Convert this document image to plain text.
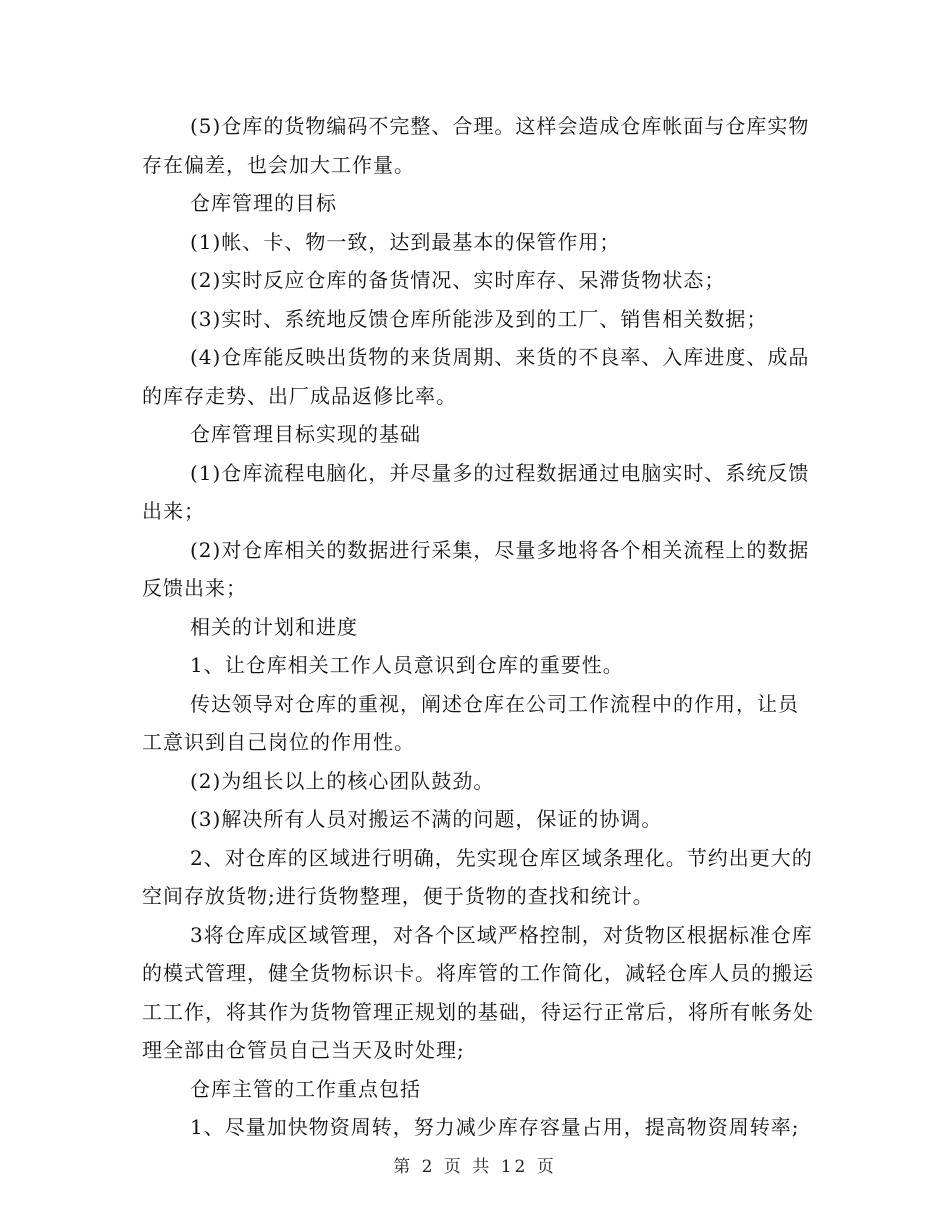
(5)仓库的货物编码不完整、合理。这样会造成仓库帐面与仓库实物存在偏差，也会加大工作量。

仓库管理的目标

(1)帐、卡、物一致，达到最基本的保管作用；

(2)实时反应仓库的备货情况、实时库存、呆滞货物状态；

(3)实时、系统地反馈仓库所能涉及到的工厂、销售相关数据；

(4)仓库能反映出货物的来货周期、来货的不良率、入库进度、成品的库存走势、出厂成品返修比率。

仓库管理目标实现的基础

(1)仓库流程电脑化，并尽量多的过程数据通过电脑实时、系统反馈出来；

(2)对仓库相关的数据进行采集，尽量多地将各个相关流程上的数据反馈出来；

相关的计划和进度

1、让仓库相关工作人员意识到仓库的重要性。

传达领导对仓库的重视，阐述仓库在公司工作流程中的作用，让员工意识到自己岗位的作用性。

(2)为组长以上的核心团队鼓劲。

(3)解决所有人员对搬运不满的问题，保证的协调。

2、对仓库的区域进行明确，先实现仓库区域条理化。节约出更大的空间存放货物;进行货物整理，便于货物的查找和统计。

3将仓库成区域管理，对各个区域严格控制，对货物区根据标准仓库的模式管理，健全货物标识卡。将库管的工作简化，减轻仓库人员的搬运工工作，将其作为货物管理正规划的基础，待运行正常后，将所有帐务处理全部由仓管员自己当天及时处理;

仓库主管的工作重点包括

1、尽量加快物资周转，努力减少库存容量占用，提高物资周转率;

第 2 页 共 12 页
